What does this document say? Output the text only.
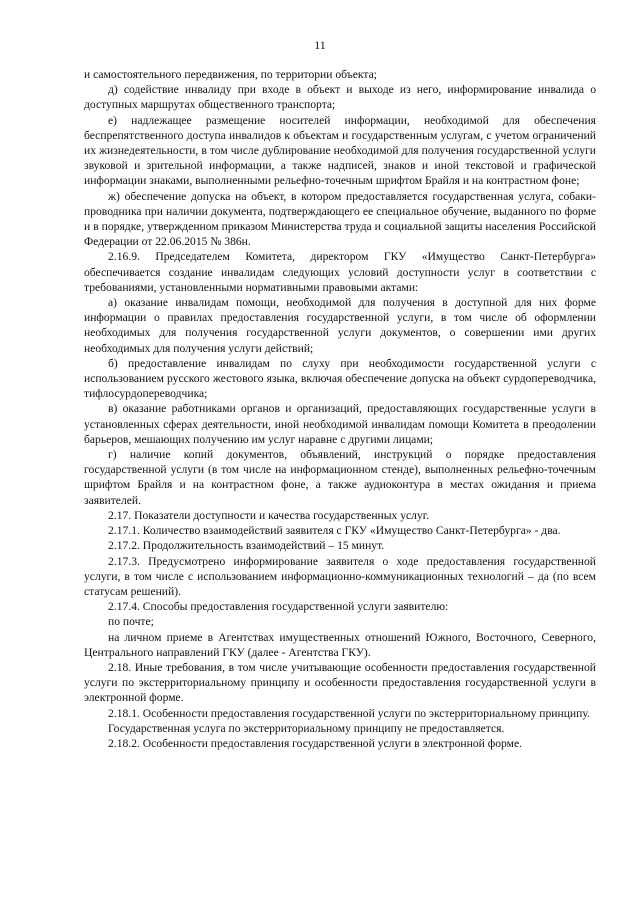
11

и самостоятельного передвижения, по территории объекта;

д) содействие инвалиду при входе в объект и выходе из него, информирование инвалида о доступных маршрутах общественного транспорта;

е) надлежащее размещение носителей информации, необходимой для обеспечения беспрепятственного доступа инвалидов к объектам и государственным услугам, с учетом ограничений их жизнедеятельности, в том числе дублирование необходимой для получения государственной услуги звуковой и зрительной информации, а также надписей, знаков и иной текстовой и графической информации знаками, выполненными рельефно-точечным шрифтом Брайля и на контрастном фоне;

ж) обеспечение допуска на объект, в котором предоставляется государственная услуга, собаки-проводника при наличии документа, подтверждающего ее специальное обучение, выданного по форме и в порядке, утвержденном приказом Министерства труда и социальной защиты населения Российской Федерации от 22.06.2015 № 386н.

2.16.9. Председателем Комитета, директором ГКУ «Имущество Санкт-Петербурга» обеспечивается создание инвалидам следующих условий доступности услуг в соответствии с требованиями, установленными нормативными правовыми актами:

а) оказание инвалидам помощи, необходимой для получения в доступной для них форме информации о правилах предоставления государственной услуги, в том числе об оформлении необходимых для получения государственной услуги документов, о совершении ими других необходимых для получения услуги действий;

б) предоставление инвалидам по слуху при необходимости государственной услуги с использованием русского жестового языка, включая обеспечение допуска на объект сурдопереводчика, тифлосурдопереводчика;

в) оказание работниками органов и организаций, предоставляющих государственные услуги в установленных сферах деятельности, иной необходимой инвалидам помощи Комитета в преодолении барьеров, мешающих получению им услуг наравне с другими лицами;

г) наличие копий документов, объявлений, инструкций о порядке предоставления государственной услуги (в том числе на информационном стенде), выполненных рельефно-точечным шрифтом Брайля и на контрастном фоне, а также аудиоконтура в местах ожидания и приема заявителей.

2.17. Показатели доступности и качества государственных услуг.

2.17.1. Количество взаимодействий заявителя с ГКУ «Имущество Санкт-Петербурга» - два.

2.17.2. Продолжительность взаимодействий – 15 минут.

2.17.3. Предусмотрено информирование заявителя о ходе предоставления государственной услуги, в том числе с использованием информационно-коммуникационных технологий – да (по всем статусам решений).

2.17.4. Способы предоставления государственной услуги заявителю:

по почте;

на личном приеме в Агентствах имущественных отношений Южного, Восточного, Северного, Центрального направлений ГКУ (далее - Агентства ГКУ).

2.18. Иные требования, в том числе учитывающие особенности предоставления государственной услуги по экстерриториальному принципу и особенности предоставления государственной услуги в электронной форме.

2.18.1. Особенности предоставления государственной услуги по экстерриториальному принципу.

Государственная услуга по экстерриториальному принципу не предоставляется.

2.18.2. Особенности предоставления государственной услуги в электронной форме.
